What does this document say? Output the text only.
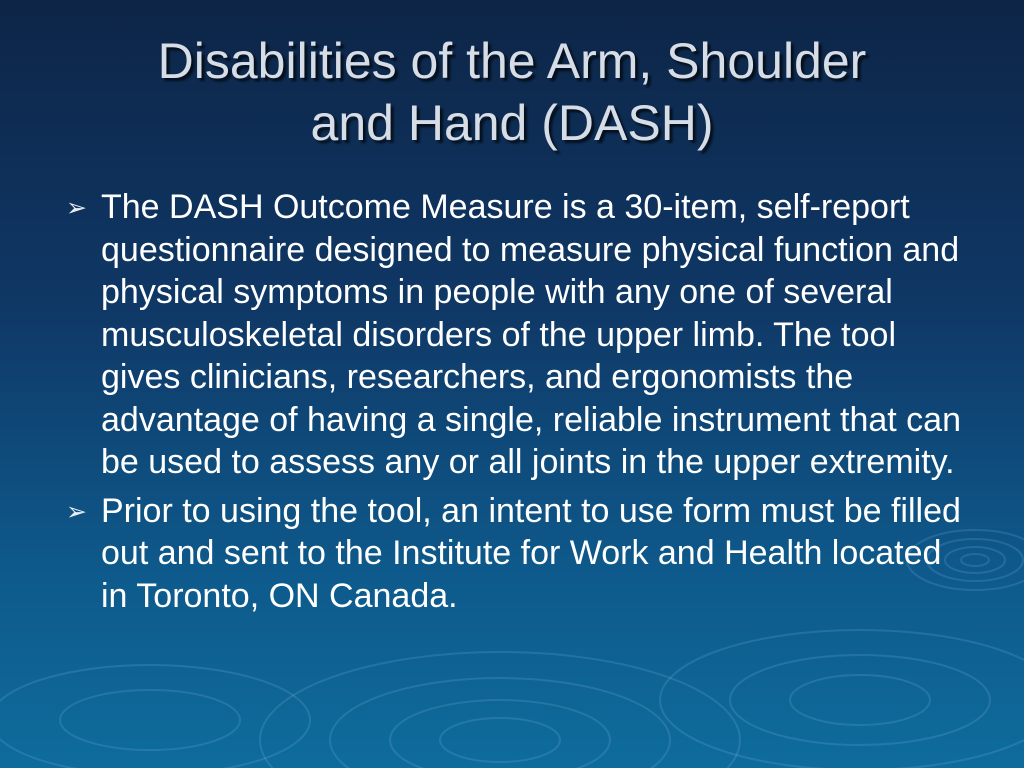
Disabilities of the Arm, Shoulder
and Hand (DASH)
➢ The DASH Outcome Measure is a 30-item, self-report questionnaire designed to measure physical function and physical symptoms in people with any one of several musculoskeletal disorders of the upper limb. The tool gives clinicians, researchers, and ergonomists the advantage of having a single, reliable instrument that can be used to assess any or all joints in the upper extremity.
➢ Prior to using the tool, an intent to use form must be filled out and sent to the Institute for Work and Health located in Toronto, ON Canada.
